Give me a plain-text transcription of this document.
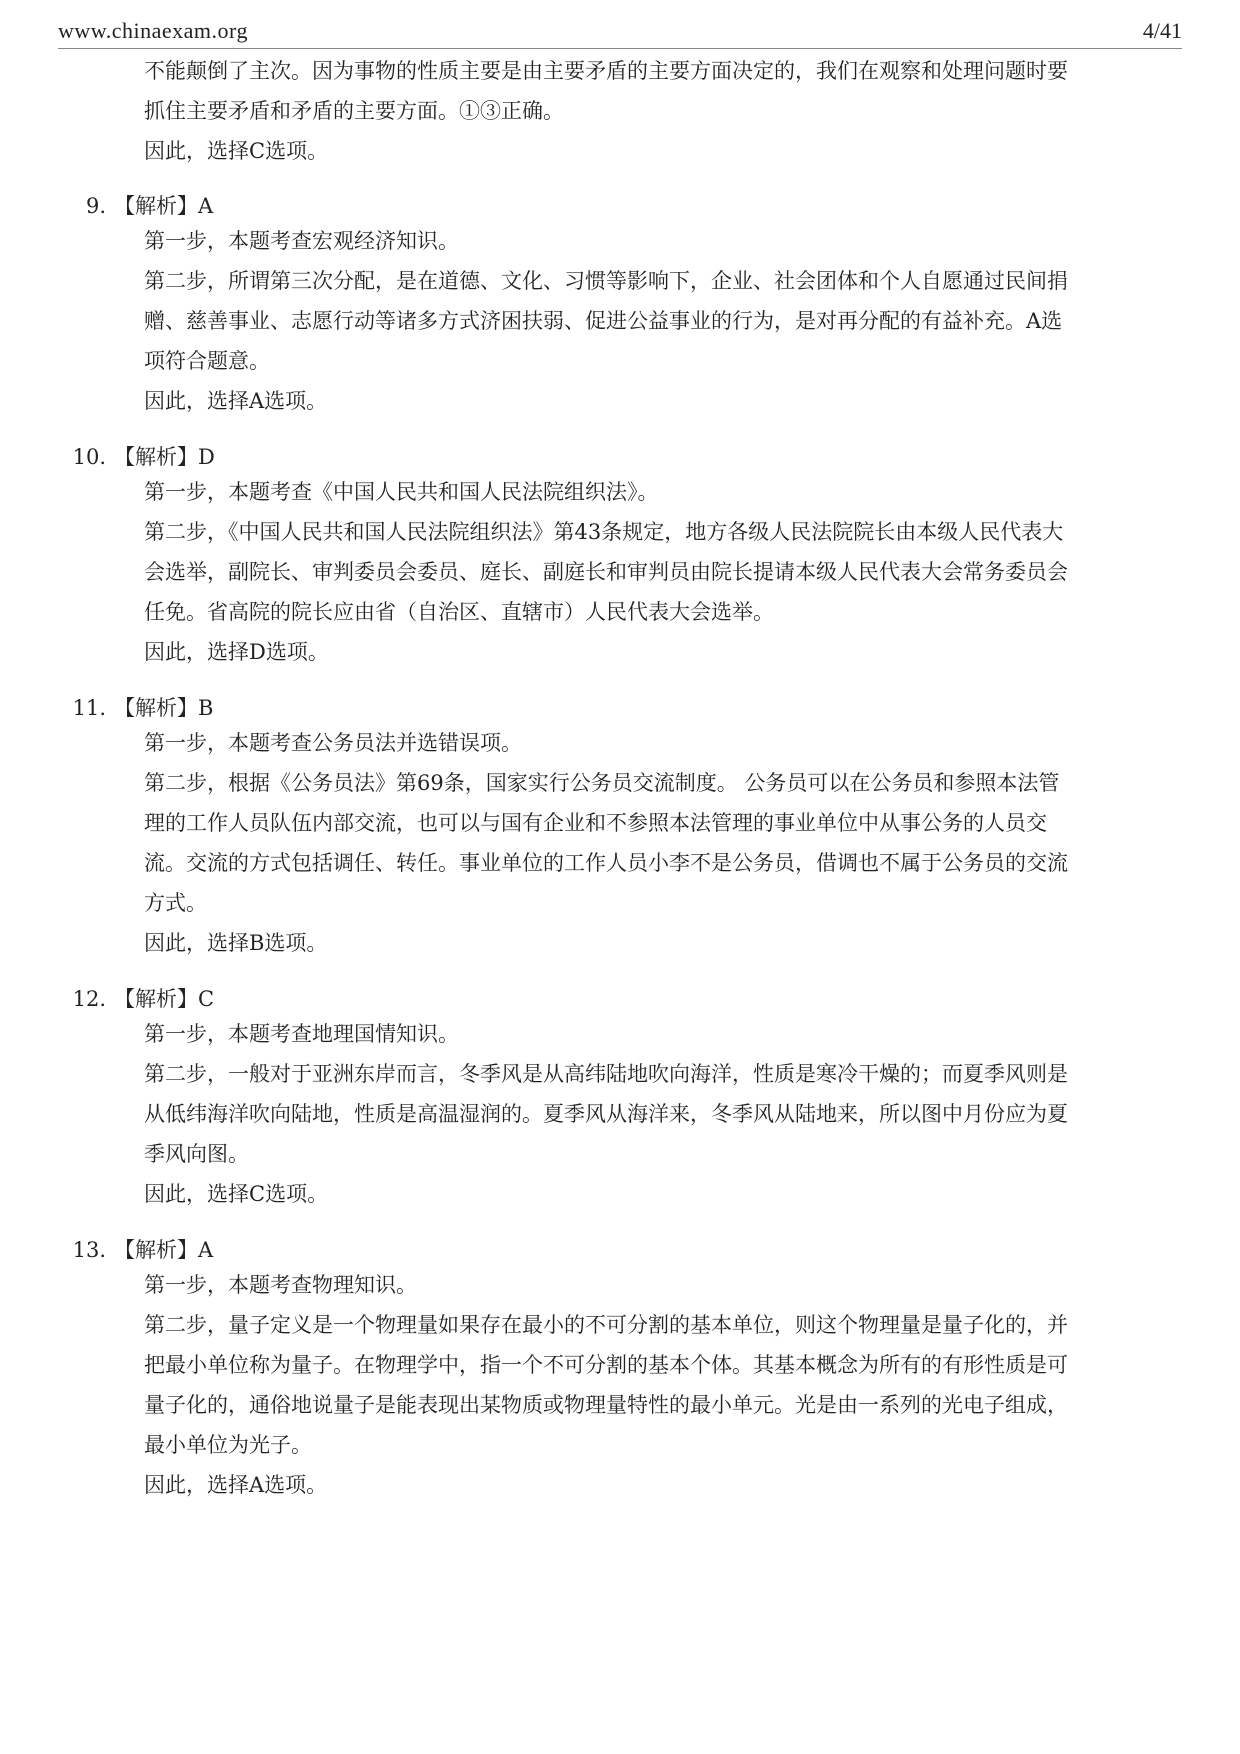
www.chinaexam.org	4/41
不能颠倒了主次。因为事物的性质主要是由主要矛盾的主要方面决定的，我们在观察和处理问题时要
抓住主要矛盾和矛盾的主要方面。①③正确。
因此，选择C选项。
9. 【解析】A
第一步，本题考查宏观经济知识。
第二步，所谓第三次分配，是在道德、文化、习惯等影响下，企业、社会团体和个人自愿通过民间捐
赠、慈善事业、志愿行动等诸多方式济困扶弱、促进公益事业的行为，是对再分配的有益补充。A选
项符合题意。
因此，选择A选项。
10. 【解析】D
第一步，本题考查《中国人民共和国人民法院组织法》。
第二步，《中国人民共和国人民法院组织法》第43条规定，地方各级人民法院院长由本级人民代表大
会选举，副院长、审判委员会委员、庭长、副庭长和审判员由院长提请本级人民代表大会常务委员会
任免。省高院的院长应由省（自治区、直辖市）人民代表大会选举。
因此，选择D选项。
11. 【解析】B
第一步，本题考查公务员法并选错误项。
第二步，根据《公务员法》第69条，国家实行公务员交流制度。 公务员可以在公务员和参照本法管
理的工作人员队伍内部交流，也可以与国有企业和不参照本法管理的事业单位中从事公务的人员交
流。交流的方式包括调任、转任。事业单位的工作人员小李不是公务员，借调也不属于公务员的交流
方式。
因此，选择B选项。
12. 【解析】C
第一步，本题考查地理国情知识。
第二步，一般对于亚洲东岸而言，冬季风是从高纬陆地吹向海洋，性质是寒冷干燥的；而夏季风则是
从低纬海洋吹向陆地，性质是高温湿润的。夏季风从海洋来，冬季风从陆地来，所以图中月份应为夏
季风向图。
因此，选择C选项。
13. 【解析】A
第一步，本题考查物理知识。
第二步，量子定义是一个物理量如果存在最小的不可分割的基本单位，则这个物理量是量子化的，并
把最小单位称为量子。在物理学中，指一个不可分割的基本个体。其基本概念为所有的有形性质是可
量子化的，通俗地说量子是能表现出某物质或物理量特性的最小单元。光是由一系列的光电子组成，
最小单位为光子。
因此，选择A选项。
